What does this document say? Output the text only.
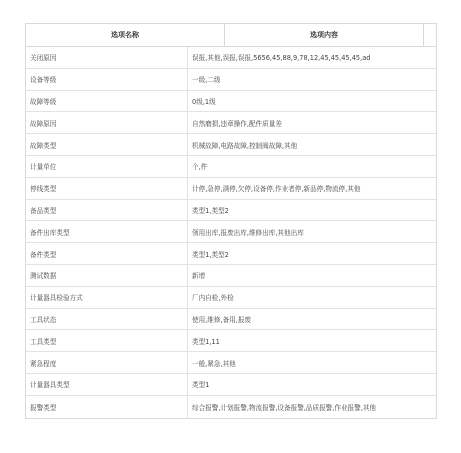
选项名称	选项内容
关闭原因	误报,其他,误报,误报,5656,45,88,9,78,12,45,45,45,45,ad
设备等级	一级,二级
故障等级	0级,1级
故障原因	自然磨损,违章操作,配件质量差
故障类型	机械故障,电路故障,控制阀故障,其他
计量单位	个,件
停线类型	计停,急停,满停,欠停,设备停,作业者停,新品停,物流停,其他
备品类型	类型1,类型2
备件出库类型	领用出库,报废出库,维修出库,其他出库
备件类型	类型1,类型2
测试数据	新增
计量器具检验方式	厂内自检,外检
工具状态	使用,维修,备用,报废
工具类型	类型1,11
紧急程度	一般,紧急,其他
计量器具类型	类型1
报警类型	综合报警,计划报警,物流报警,设备报警,品质报警,作业报警,其他
